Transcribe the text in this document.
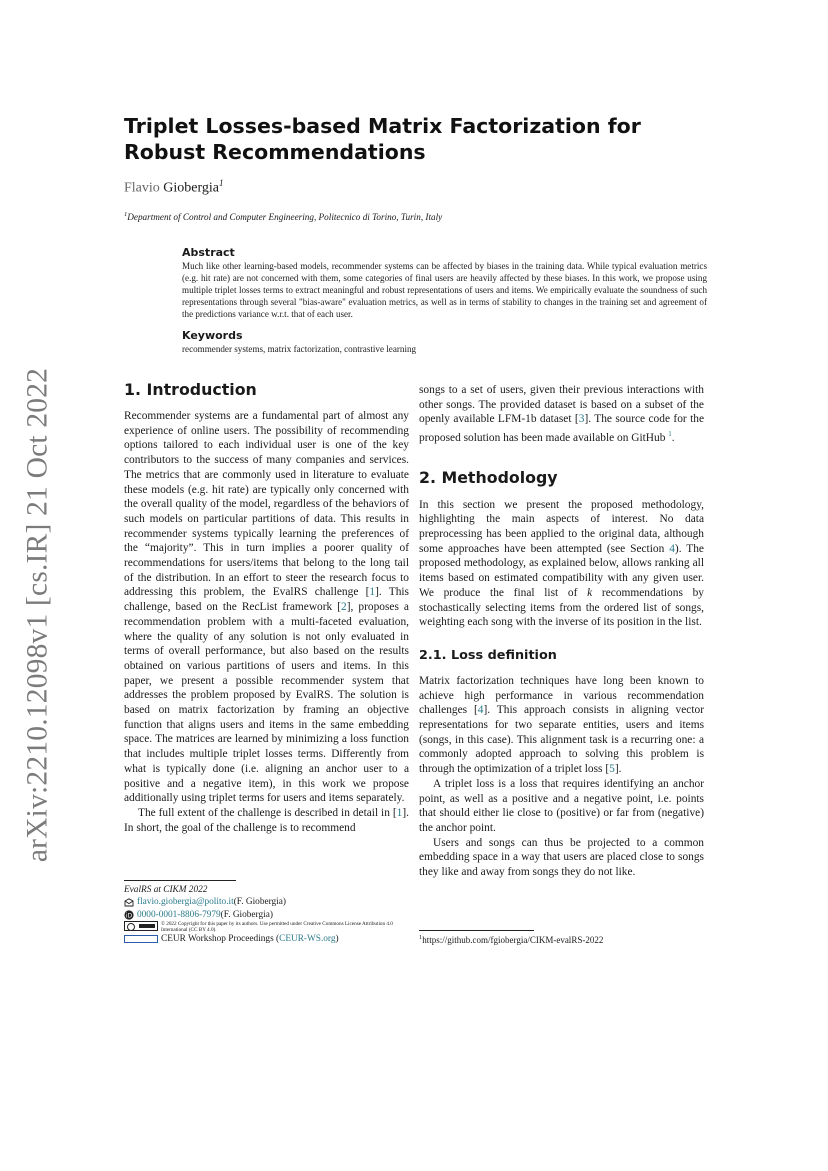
arXiv:2210.12098v1 [cs.IR] 21 Oct 2022
Triplet Losses-based Matrix Factorization for Robust Recommendations
Flavio Giobergia$^1$
$^1$Department of Control and Computer Engineering, Politecnico di Torino, Turin, Italy

Abstract

Much like other learning-based models, recommender systems can be affected by biases in the training data. While typical evaluation metrics (e.g. hit rate) are not concerned with them, some categories of final users are heavily affected by these biases. In this work, we propose using multiple triplet losses terms to extract meaningful and robust representations of users and items. We empirically evaluate the soundness of such representations through several "bias-aware" evaluation metrics, as well as in terms of stability to changes in the training set and agreement of the predictions variance w.r.t. that of each user.

Keywords

recommender systems, matrix factorization, contrastive learning

1. Introduction

Recommender systems are a fundamental part of almost any experience of online users. The possibility of recommending options tailored to each individual user is one of the key contributors to the success of many companies and services. The metrics that are commonly used in literature to evaluate these models (e.g. hit rate) are typically only concerned with the overall quality of the model, regardless of the behaviors of such models on particular partitions of data. This results in recommender systems typically learning the preferences of the “majority”. This in turn implies a poorer quality of recommendations for users/items that belong to the long tail of the distribution. In an effort to steer the research focus to addressing this problem, the EvalRS challenge [1]. This challenge, based on the RecList framework [2], proposes a recommendation problem with a multi-faceted evaluation, where the quality of any solution is not only evaluated in terms of overall performance, but also based on the results obtained on various partitions of users and items. In this paper, we present a possible recommender system that addresses the problem proposed by EvalRS. The solution is based on matrix factorization by framing an objective function that aligns users and items in the same embedding space. The matrices are learned by minimizing a loss function that includes multiple triplet losses terms. Differently from what is typically done (i.e. aligning an anchor user to a positive and a negative item), in this work we propose additionally using triplet terms for users and items separately.

The full extent of the challenge is described in detail in [1]. In short, the goal of the challenge is to recommend

EvalRS at CIKM 2022
flavio.giobergia@polito.it (F. Giobergia)
iD 0000-0001-8806-7979 (F. Giobergia)
© 2022 Copyright for this paper by its authors. Use permitted under Creative Commons License Attribution 4.0 International (CC BY 4.0).
CEUR Workshop Proceedings ( CEUR-WS.org )

songs to a set of users, given their previous interactions with other songs. The provided dataset is based on a subset of the openly available LFM-1b dataset [3]. The source code for the proposed solution has been made available on GitHub $^1$.

2. Methodology

In this section we present the proposed methodology, highlighting the main aspects of interest. No data preprocessing has been applied to the original data, although some approaches have been attempted (see Section 4). The proposed methodology, as explained below, allows ranking all items based on estimated compatibility with any given user. We produce the final list of k recommendations by stochastically selecting items from the ordered list of songs, weighting each song with the inverse of its position in the list.

2.1. Loss definition

Matrix factorization techniques have long been known to achieve high performance in various recommendation challenges [4]. This approach consists in aligning vector representations for two separate entities, users and items (songs, in this case). This alignment task is a recurring one: a commonly adopted approach to solving this problem is through the optimization of a triplet loss [5].

A triplet loss is a loss that requires identifying an anchor point, as well as a positive and a negative point, i.e. points that should either lie close to (positive) or far from (negative) the anchor point.

Users and songs can thus be projected to a common embedding space in a way that users are placed close to songs they like and away from songs they do not like.

$^1$https://github.com/fgiobergia/CIKM-evalRS-2022
